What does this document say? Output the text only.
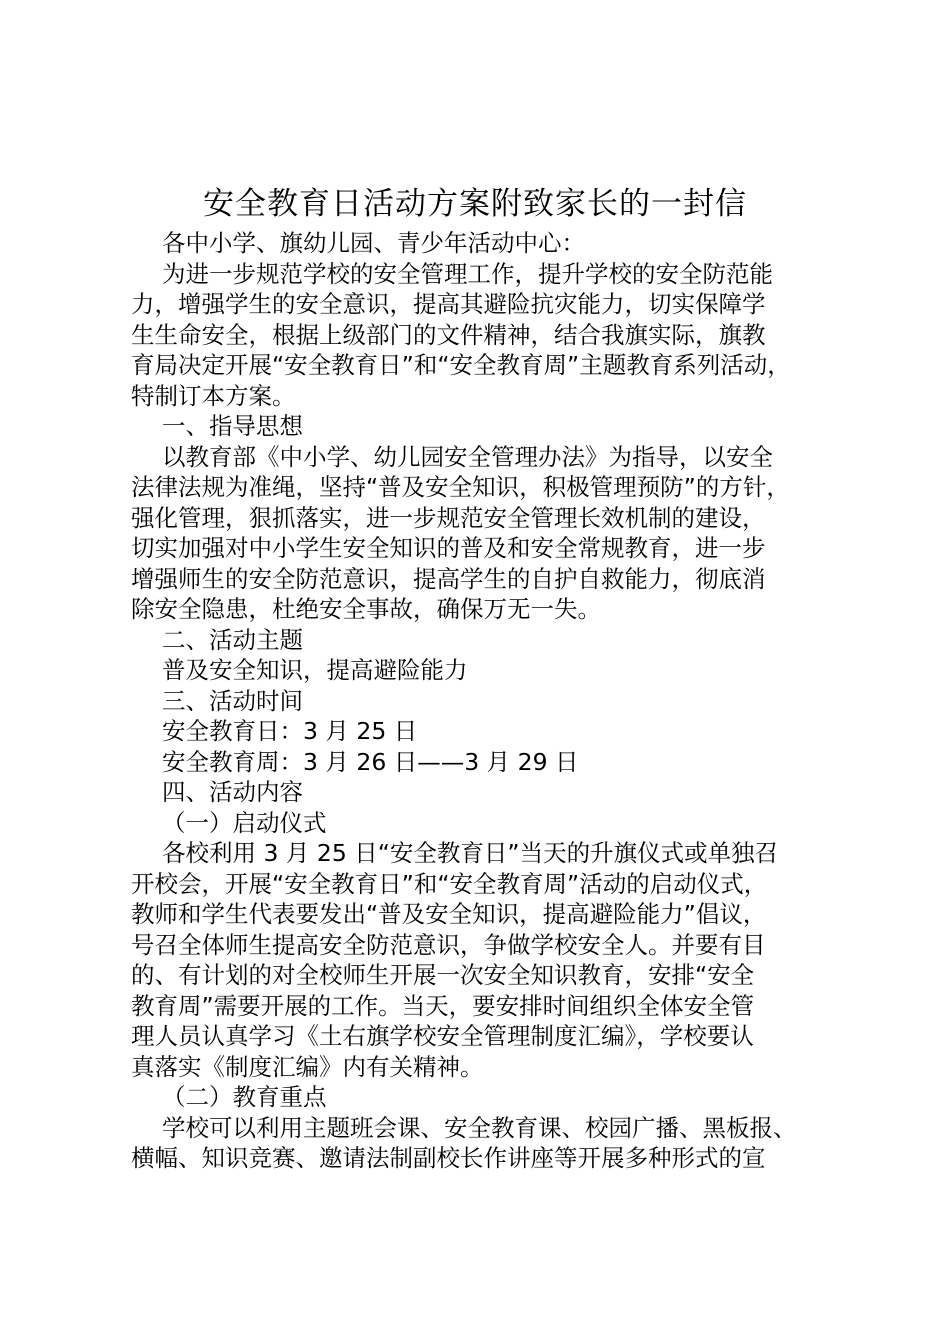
安全教育日活动方案附致家长的一封信

各中小学、旗幼儿园、青少年活动中心：

为进一步规范学校的安全管理工作，提升学校的安全防范能
力，增强学生的安全意识，提高其避险抗灾能力，切实保障学
生生命安全，根据上级部门的文件精神，结合我旗实际，旗教
育局决定开展“安全教育日”和“安全教育周”主题教育系列活动，
特制订本方案。

一、指导思想

以教育部《中小学、幼儿园安全管理办法》为指导，以安全
法律法规为准绳，坚持“普及安全知识，积极管理预防”的方针，
强化管理，狠抓落实，进一步规范安全管理长效机制的建设，
切实加强对中小学生安全知识的普及和安全常规教育，进一步
增强师生的安全防范意识，提高学生的自护自救能力，彻底消
除安全隐患，杜绝安全事故，确保万无一失。

二、活动主题

普及安全知识，提高避险能力

三、活动时间

安全教育日：3 月 25 日

安全教育周：3 月 26 日——3 月 29 日

四、活动内容

（一）启动仪式

各校利用 3 月 25 日“安全教育日”当天的升旗仪式或单独召
开校会，开展“安全教育日”和“安全教育周”活动的启动仪式，
教师和学生代表要发出“普及安全知识，提高避险能力”倡议，
号召全体师生提高安全防范意识，争做学校安全人。并要有目
的、有计划的对全校师生开展一次安全知识教育，安排“安全
教育周”需要开展的工作。当天，要安排时间组织全体安全管
理人员认真学习《土右旗学校安全管理制度汇编》，学校要认
真落实《制度汇编》内有关精神。

（二）教育重点

学校可以利用主题班会课、安全教育课、校园广播、黑板报、
横幅、知识竞赛、邀请法制副校长作讲座等开展多种形式的宣
